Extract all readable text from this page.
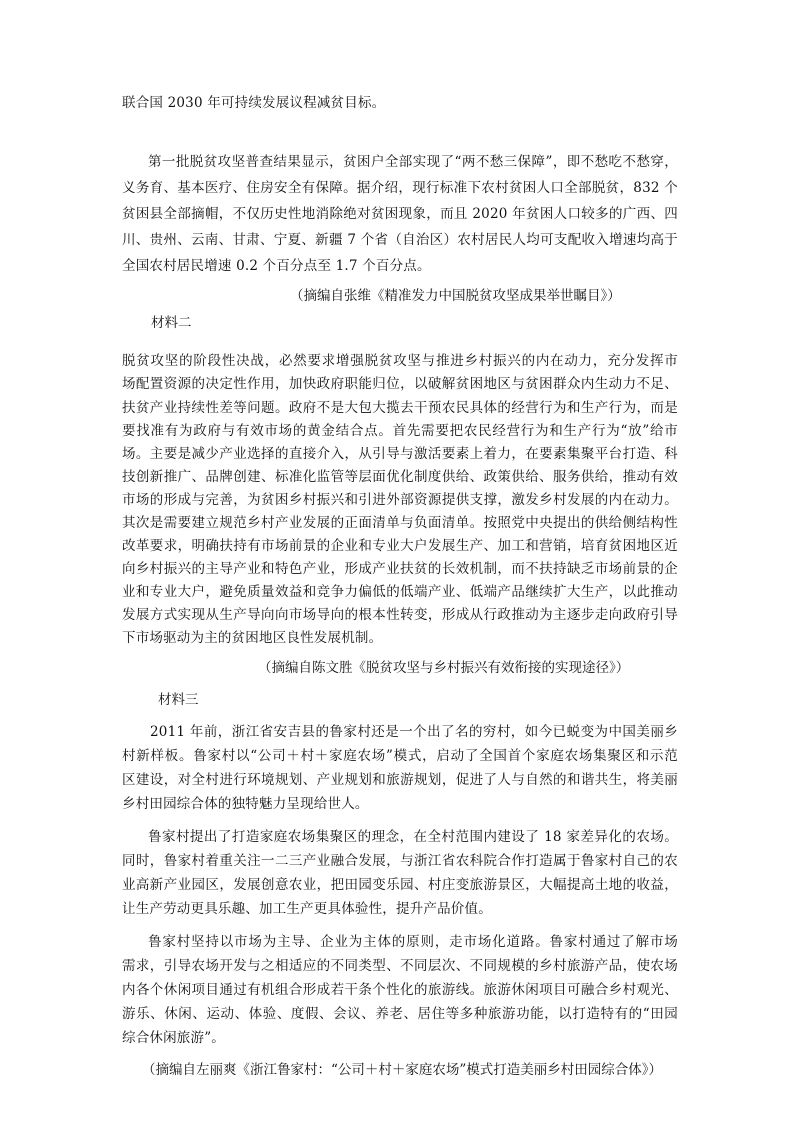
联合国 2030 年可持续发展议程减贫目标。
第一批脱贫攻坚普查结果显示，贫困户全部实现了“两不愁三保障”，即不愁吃不愁穿，
义务育、基本医疗、住房安全有保障。据介绍，现行标准下农村贫困人口全部脱贫，832 个
贫困县全部摘帽，不仅历史性地消除绝对贫困现象，而且 2020 年贫困人口较多的广西、四
川、贵州、云南、甘肃、宁夏、新疆 7 个省（自治区）农村居民人均可支配收入增速均高于
全国农村居民增速 0.2 个百分点至 1.7 个百分点。
（摘编自张维《精准发力中国脱贫攻坚成果举世瞩目》）
材料二
脱贫攻坚的阶段性决战，必然要求增强脱贫攻坚与推进乡村振兴的内在动力，充分发挥市
场配置资源的决定性作用，加快政府职能归位，以破解贫困地区与贫困群众内生动力不足、
扶贫产业持续性差等问题。政府不是大包大揽去干预农民具体的经营行为和生产行为，而是
要找准有为政府与有效市场的黄金结合点。首先需要把农民经营行为和生产行为“放”给市
场。主要是减少产业选择的直接介入，从引导与激活要素上着力，在要素集聚平台打造、科
技创新推广、品牌创建、标准化监管等层面优化制度供给、政策供给、服务供给，推动有效
市场的形成与完善，为贫困乡村振兴和引进外部资源提供支撑，激发乡村发展的内在动力。
其次是需要建立规范乡村产业发展的正面清单与负面清单。按照党中央提出的供给侧结构性
改革要求，明确扶持有市场前景的企业和专业大户发展生产、加工和营销，培育贫困地区近
向乡村振兴的主导产业和特色产业，形成产业扶贫的长效机制，而不扶持缺乏市场前景的企
业和专业大户，避免质量效益和竞争力偏低的低端产业、低端产品继续扩大生产，以此推动
发展方式实现从生产导向向市场导向的根本性转变，形成从行政推动为主逐步走向政府引导
下市场驱动为主的贫困地区良性发展机制。
（摘编自陈文胜《脱贫攻坚与乡村振兴有效衔接的实现途径》）
材料三
2011 年前，浙江省安吉县的鲁家村还是一个出了名的穷村，如今已蜕变为中国美丽乡
村新样板。鲁家村以“公司＋村＋家庭农场”模式，启动了全国首个家庭农场集聚区和示范
区建设，对全村进行环境规划、产业规划和旅游规划，促进了人与自然的和谐共生，将美丽
乡村田园综合体的独特魅力呈现给世人。
鲁家村提出了打造家庭农场集聚区的理念，在全村范围内建设了 18 家差异化的农场。
同时，鲁家村着重关注一二三产业融合发展，与浙江省农科院合作打造属于鲁家村自己的农
业高新产业园区，发展创意农业，把田园变乐园、村庄变旅游景区，大幅提高土地的收益，
让生产劳动更具乐趣、加工生产更具体验性，提升产品价值。
鲁家村坚持以市场为主导、企业为主体的原则，走市场化道路。鲁家村通过了解市场
需求，引导农场开发与之相适应的不同类型、不同层次、不同规模的乡村旅游产品，使农场
内各个休闲项目通过有机组合形成若干条个性化的旅游线。旅游休闲项目可融合乡村观光、
游乐、休闲、运动、体验、度假、会议、养老、居住等多种旅游功能，以打造特有的“田园
综合休闲旅游”。
（摘编自左丽爽《浙江鲁家村：“公司＋村＋家庭农场”模式打造美丽乡村田园综合体》）
